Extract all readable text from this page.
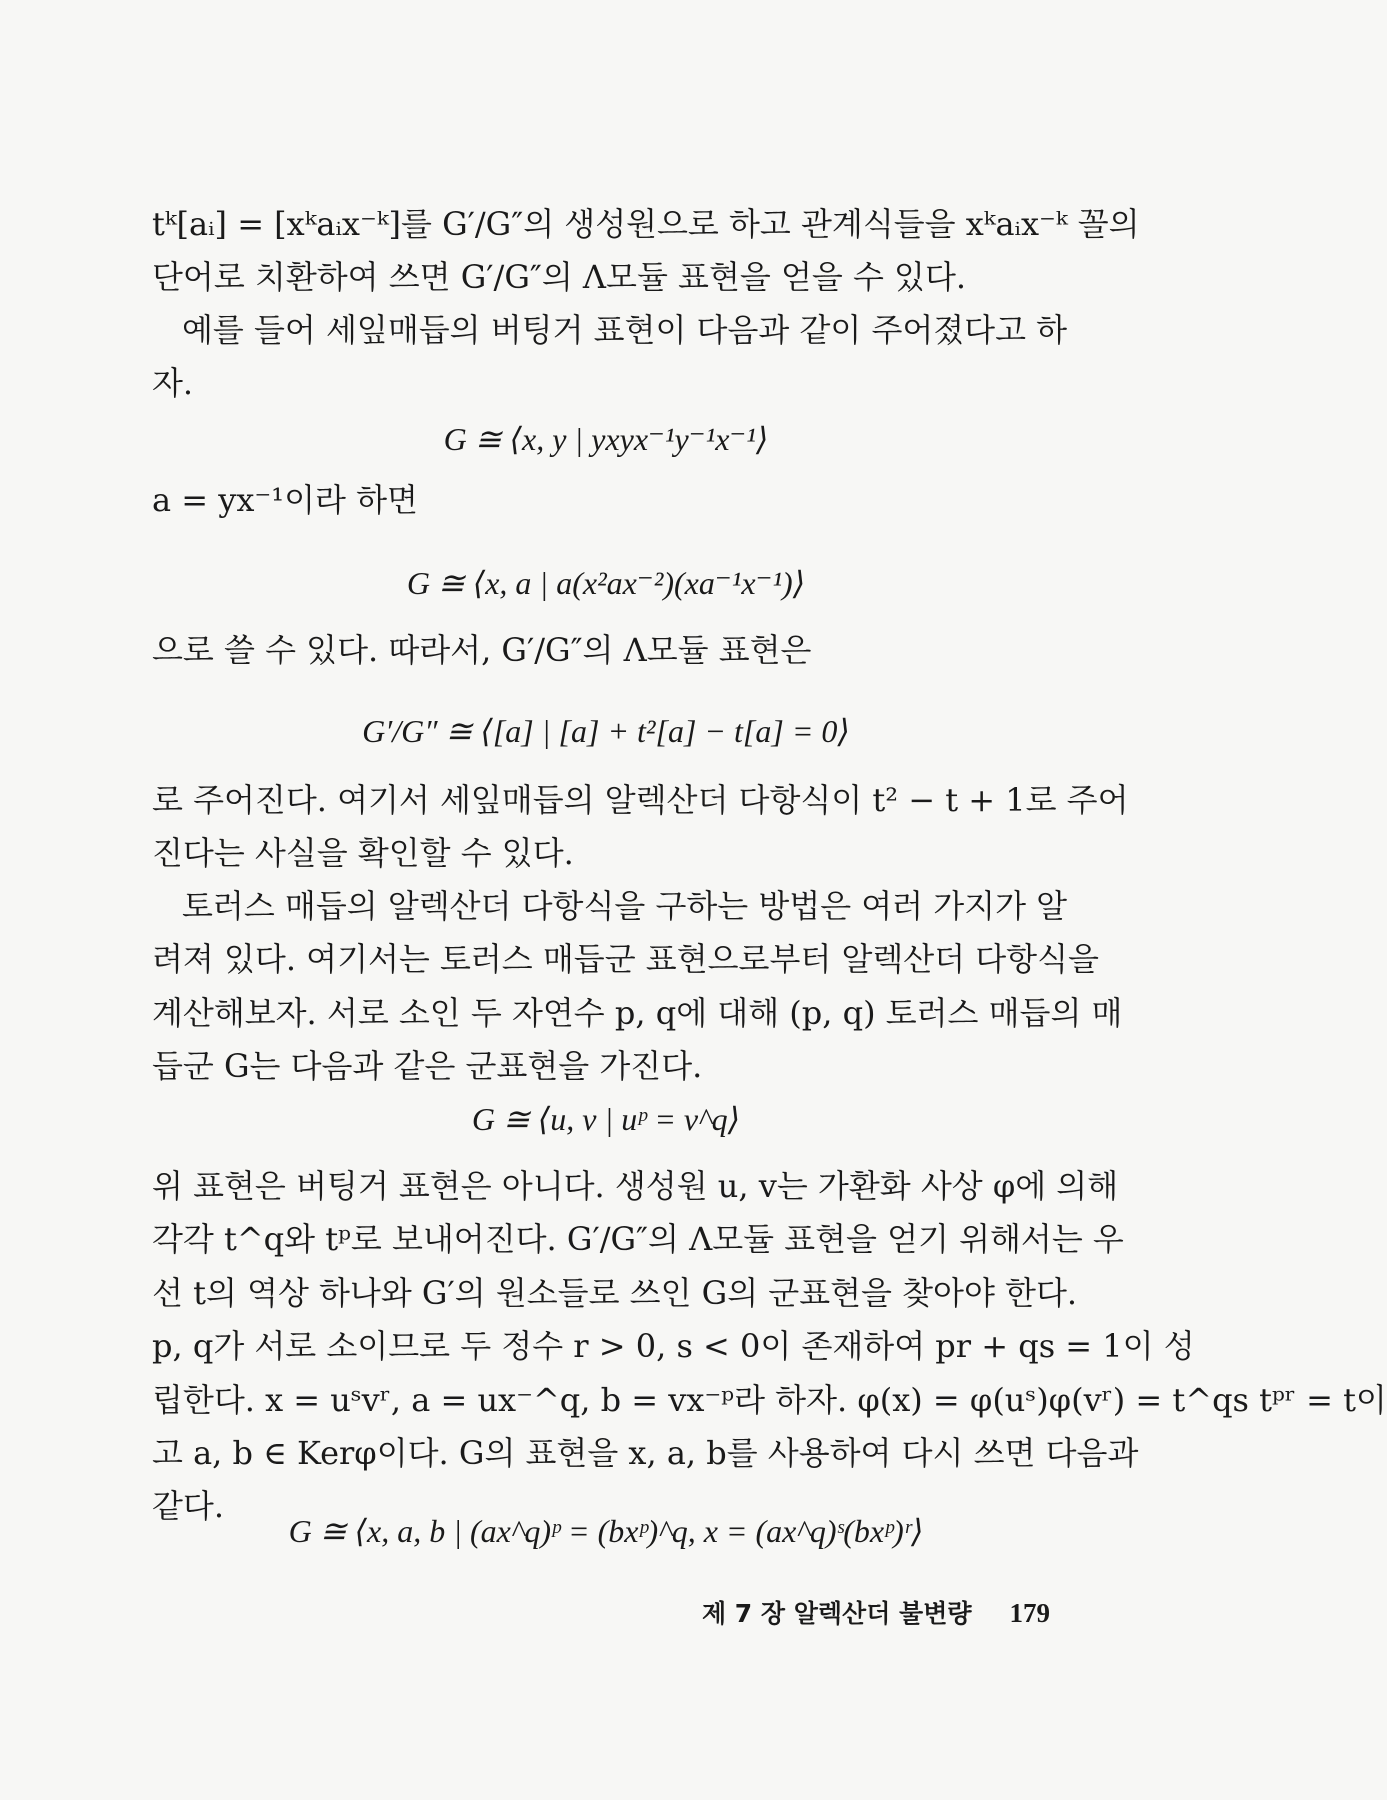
tᵏ[aᵢ] = [xᵏaᵢx⁻ᵏ]를 G′/G″의 생성원으로 하고 관계식들을 xᵏaᵢx⁻ᵏ 꼴의
단어로 치환하여 쓰면 G′/G″의 Λ모듈 표현을 얻을 수 있다.
예를 들어 세잎매듭의 버팅거 표현이 다음과 같이 주어졌다고 하
자.
G ≅ ⟨x, y | yxyx⁻¹y⁻¹x⁻¹⟩
a = yx⁻¹이라 하면
G ≅ ⟨x, a | a(x²ax⁻²)(xa⁻¹x⁻¹)⟩
으로 쓸 수 있다. 따라서, G′/G″의 Λ모듈 표현은
G′/G″ ≅ ⟨[a] | [a] + t²[a] − t[a] = 0⟩
로 주어진다. 여기서 세잎매듭의 알렉산더 다항식이 t² − t + 1로 주어
진다는 사실을 확인할 수 있다.
토러스 매듭의 알렉산더 다항식을 구하는 방법은 여러 가지가 알
려져 있다. 여기서는 토러스 매듭군 표현으로부터 알렉산더 다항식을
계산해보자. 서로 소인 두 자연수 p, q에 대해 (p, q) 토러스 매듭의 매
듭군 G는 다음과 같은 군표현을 가진다.
G ≅ ⟨u, v | uᵖ = v^q⟩
위 표현은 버팅거 표현은 아니다. 생성원 u, v는 가환화 사상 φ에 의해
각각 t^q와 tᵖ로 보내어진다. G′/G″의 Λ모듈 표현을 얻기 위해서는 우
선 t의 역상 하나와 G′의 원소들로 쓰인 G의 군표현을 찾아야 한다.
p, q가 서로 소이므로 두 정수 r > 0, s < 0이 존재하여 pr + qs = 1이 성
립한다. x = uˢvʳ, a = ux⁻^q, b = vx⁻ᵖ라 하자. φ(x) = φ(uˢ)φ(vʳ) = t^qs tᵖʳ = t이
고 a, b ∈ Kerφ이다. G의 표현을 x, a, b를 사용하여 다시 쓰면 다음과
같다.
G ≅ ⟨x, a, b | (ax^q)ᵖ = (bxᵖ)^q, x = (ax^q)ˢ(bxᵖ)ʳ⟩
제 7 장 알렉산더 불변량 179
